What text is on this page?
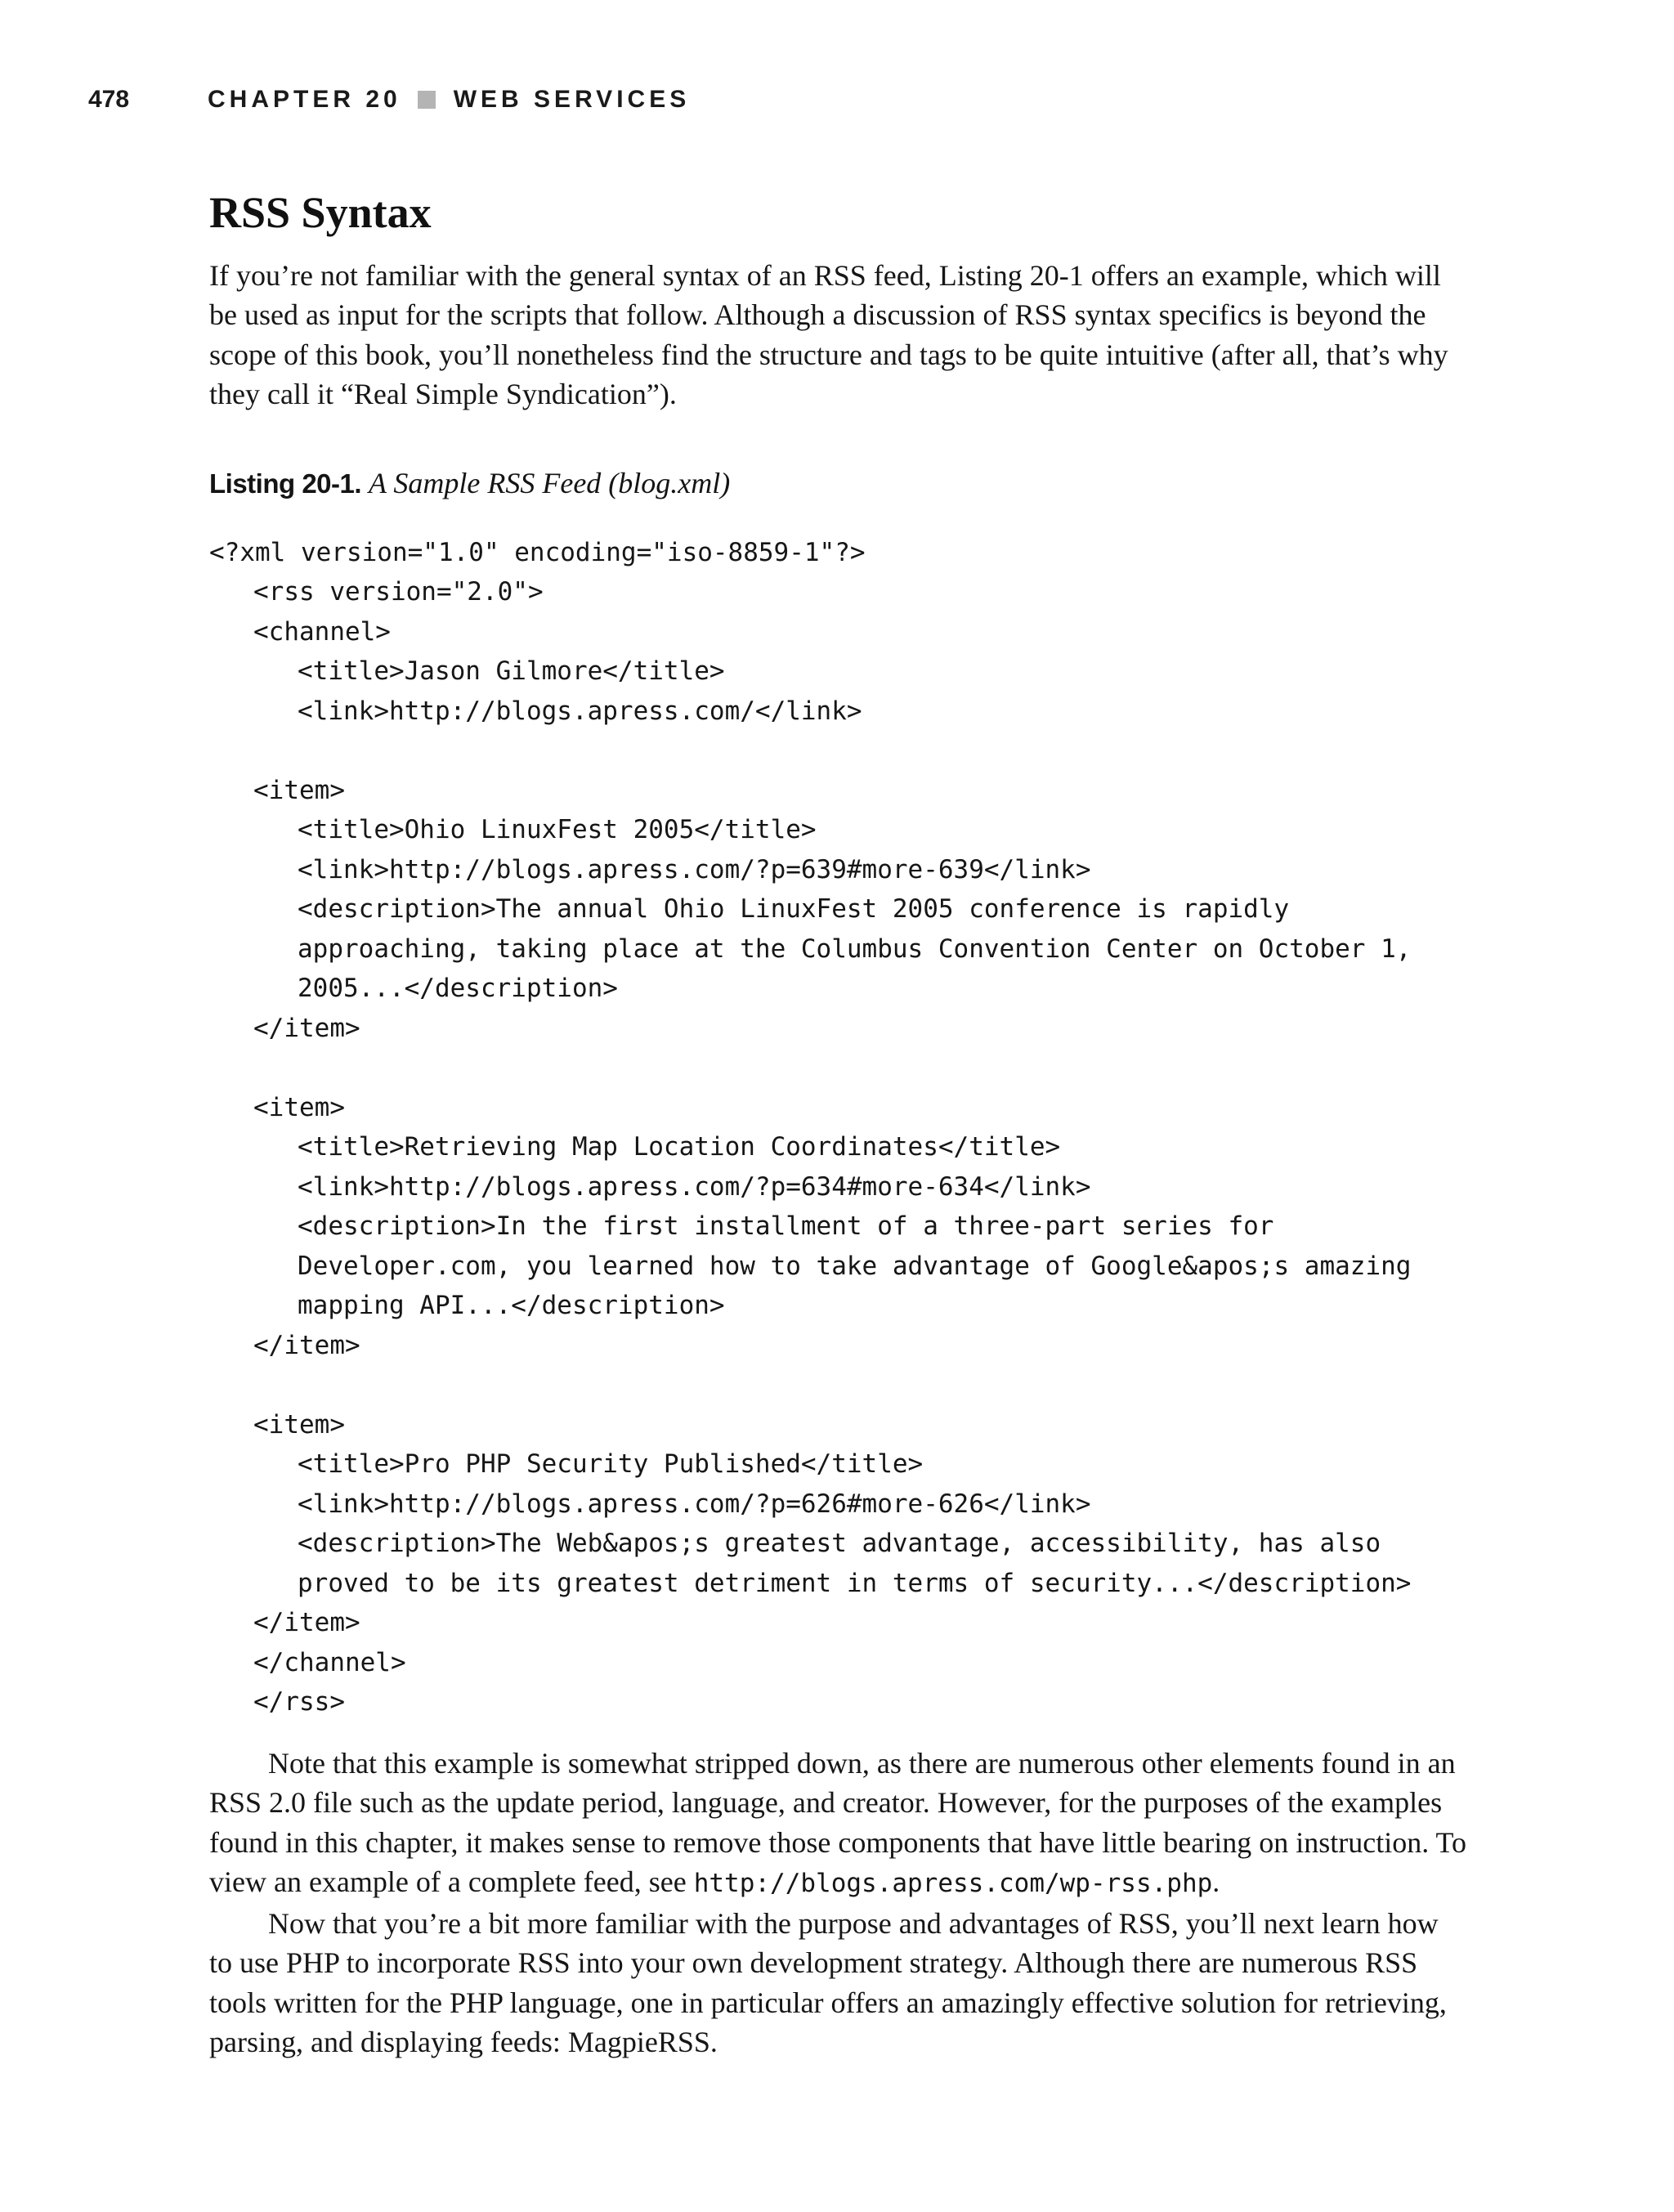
478	CHAPTER 20 WEB SERVICES
RSS Syntax

If you’re not familiar with the general syntax of an RSS feed, Listing 20-1 offers an example, which will be used as input for the scripts that follow. Although a discussion of RSS syntax specifics is beyond the scope of this book, you’ll nonetheless find the structure and tags to be quite intuitive (after all, that’s why they call it “Real Simple Syndication”).

Listing 20-1. A Sample RSS Feed (blog.xml)
<?xml version="1.0" encoding="iso-8859-1"?>
<rss version="2.0">
<channel>
<title>Jason Gilmore</title>
<link>http://blogs.apress.com/</link>
<item>
<title>Ohio LinuxFest 2005</title>
<link>http://blogs.apress.com/?p=639#more-639</link>
<description>The annual Ohio LinuxFest 2005 conference is rapidly
approaching, taking place at the Columbus Convention Center on October 1,
2005...</description>
</item>
<item>
<title>Retrieving Map Location Coordinates</title>
<link>http://blogs.apress.com/?p=634#more-634</link>
<description>In the first installment of a three-part series for
Developer.com, you learned how to take advantage of Google&apos;s amazing
mapping API...</description>
</item>
<item>
<title>Pro PHP Security Published</title>
<link>http://blogs.apress.com/?p=626#more-626</link>
<description>The Web&apos;s greatest advantage, accessibility, has also
proved to be its greatest detriment in terms of security...</description>
</item>
</channel>
</rss>

Note that this example is somewhat stripped down, as there are numerous other elements found in an RSS 2.0 file such as the update period, language, and creator. However, for the purposes of the examples found in this chapter, it makes sense to remove those components that have little bearing on instruction. To view an example of a complete feed, see http://blogs.apress.com/wp-rss.php.

Now that you’re a bit more familiar with the purpose and advantages of RSS, you’ll next learn how to use PHP to incorporate RSS into your own development strategy. Although there are numerous RSS tools written for the PHP language, one in particular offers an amazingly effective solution for retrieving, parsing, and displaying feeds: MagpieRSS.
